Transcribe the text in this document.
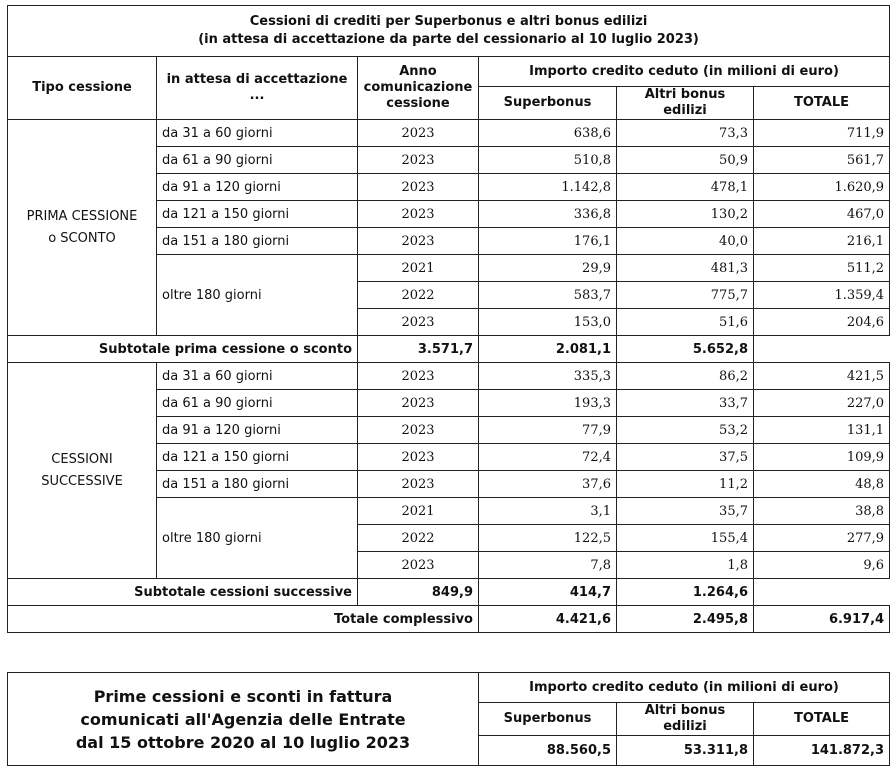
Cessioni di crediti per Superbonus e altri bonus edilizi
(in attesa di accettazione da parte del cessionario al 10 luglio 2023)					

Tipo cessione	in attesa di accettazione ...	Anno comunicazione cessione	Importo credito ceduto (in milioni di euro)		
			Superbonus	Altri bonus edilizi	TOTALE

PRIMA CESSIONE
o SCONTO	da 31 a 60 giorni	2023	638,6	73,3	711,9
	da 61 a 90 giorni	2023	510,8	50,9	561,7
	da 91 a 120 giorni	2023	1.142,8	478,1	1.620,9
	da 121 a 150 giorni	2023	336,8	130,2	467,0
	da 151 a 180 giorni	2023	176,1	40,0	216,1
	oltre 180 giorni	2021	29,9	481,3	511,2
		2022	583,7	775,7	1.359,4
		2023	153,0	51,6	204,6
Subtotale prima cessione o sconto		3.571,7	2.081,1	5.652,8	

CESSIONI
SUCCESSIVE	da 31 a 60 giorni	2023	335,3	86,2	421,5
	da 61 a 90 giorni	2023	193,3	33,7	227,0
	da 91 a 120 giorni	2023	77,9	53,2	131,1
	da 121 a 150 giorni	2023	72,4	37,5	109,9
	da 151 a 180 giorni	2023	37,6	11,2	48,8
	oltre 180 giorni	2021	3,1	35,7	38,8
		2022	122,5	155,4	277,9
		2023	7,8	1,8	9,6
Subtotale cessioni successive		849,9	414,7	1.264,6	
Totale complessivo			4.421,6	2.495,8	6.917,4
Prime cessioni e sconti in fattura
comunicati all'Agenzia delle Entrate
dal 15 ottobre 2020 al 10 luglio 2023	Importo credito ceduto (in milioni di euro)		
	Superbonus	Altri bonus edilizi	TOTALE
	88.560,5	53.311,8	141.872,3
